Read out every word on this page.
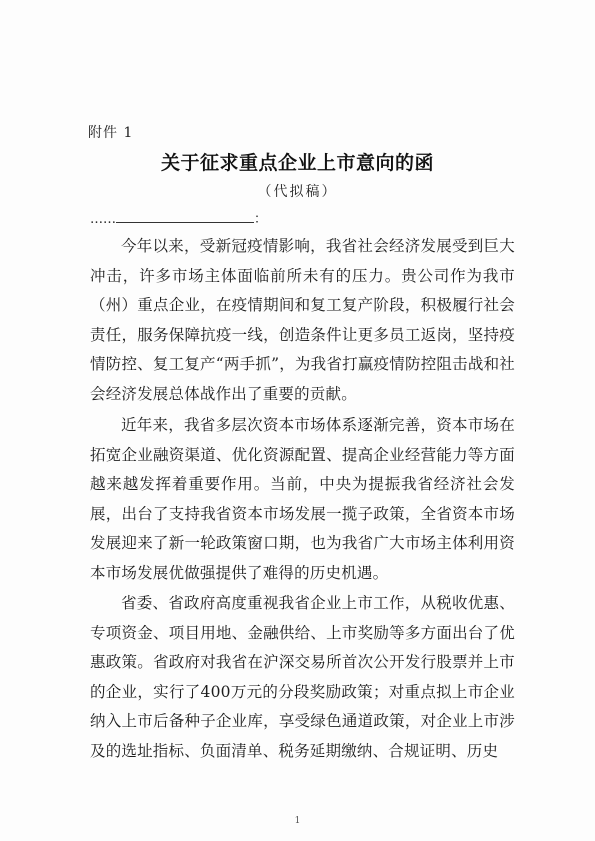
附件 1
关于征求重点企业上市意向的函
（代拟稿）
……	：
今年以来，受新冠疫情影响，我省社会经济发展受到巨大冲击，许多市场主体面临前所未有的压力。贵公司作为我市（州）重点企业，在疫情期间和复工复产阶段，积极履行社会责任，服务保障抗疫一线，创造条件让更多员工返岗，坚持疫情防控、复工复产“两手抓”，为我省打赢疫情防控阻击战和社会经济发展总体战作出了重要的贡献。
近年来，我省多层次资本市场体系逐渐完善，资本市场在拓宽企业融资渠道、优化资源配置、提高企业经营能力等方面越来越发挥着重要作用。当前，中央为提振我省经济社会发展，出台了支持我省资本市场发展一揽子政策，全省资本市场发展迎来了新一轮政策窗口期，也为我省广大市场主体利用资本市场发展优做强提供了难得的历史机遇。
省委、省政府高度重视我省企业上市工作，从税收优惠、专项资金、项目用地、金融供给、上市奖励等多方面出台了优惠政策。省政府对我省在沪深交易所首次公开发行股票并上市的企业，实行了400万元的分段奖励政策；对重点拟上市企业纳入上市后备种子企业库，享受绿色通道政策，对企业上市涉及的选址指标、负面清单、税务延期缴纳、合规证明、历史
1
